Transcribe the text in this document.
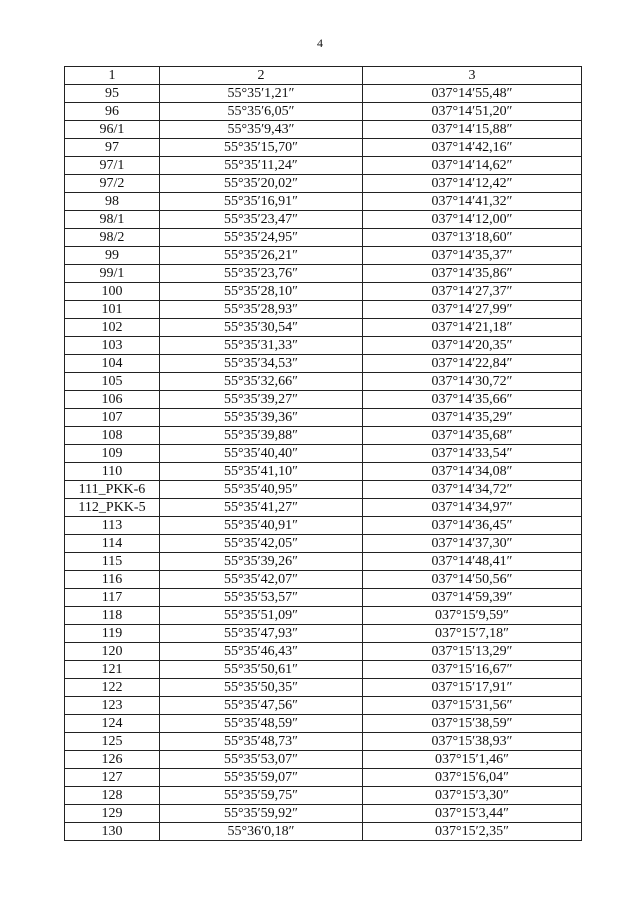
4
1	2	3
95	55°35′1,21″	037°14′55,48″
96	55°35′6,05″	037°14′51,20″
96/1	55°35′9,43″	037°14′15,88″
97	55°35′15,70″	037°14′42,16″
97/1	55°35′11,24″	037°14′14,62″
97/2	55°35′20,02″	037°14′12,42″
98	55°35′16,91″	037°14′41,32″
98/1	55°35′23,47″	037°14′12,00″
98/2	55°35′24,95″	037°13′18,60″
99	55°35′26,21″	037°14′35,37″
99/1	55°35′23,76″	037°14′35,86″
100	55°35′28,10″	037°14′27,37″
101	55°35′28,93″	037°14′27,99″
102	55°35′30,54″	037°14′21,18″
103	55°35′31,33″	037°14′20,35″
104	55°35′34,53″	037°14′22,84″
105	55°35′32,66″	037°14′30,72″
106	55°35′39,27″	037°14′35,66″
107	55°35′39,36″	037°14′35,29″
108	55°35′39,88″	037°14′35,68″
109	55°35′40,40″	037°14′33,54″
110	55°35′41,10″	037°14′34,08″
111_PKK-6	55°35′40,95″	037°14′34,72″
112_PKK-5	55°35′41,27″	037°14′34,97″
113	55°35′40,91″	037°14′36,45″
114	55°35′42,05″	037°14′37,30″
115	55°35′39,26″	037°14′48,41″
116	55°35′42,07″	037°14′50,56″
117	55°35′53,57″	037°14′59,39″
118	55°35′51,09″	037°15′9,59″
119	55°35′47,93″	037°15′7,18″
120	55°35′46,43″	037°15′13,29″
121	55°35′50,61″	037°15′16,67″
122	55°35′50,35″	037°15′17,91″
123	55°35′47,56″	037°15′31,56″
124	55°35′48,59″	037°15′38,59″
125	55°35′48,73″	037°15′38,93″
126	55°35′53,07″	037°15′1,46″
127	55°35′59,07″	037°15′6,04″
128	55°35′59,75″	037°15′3,30″
129	55°35′59,92″	037°15′3,44″
130	55°36′0,18″	037°15′2,35″
